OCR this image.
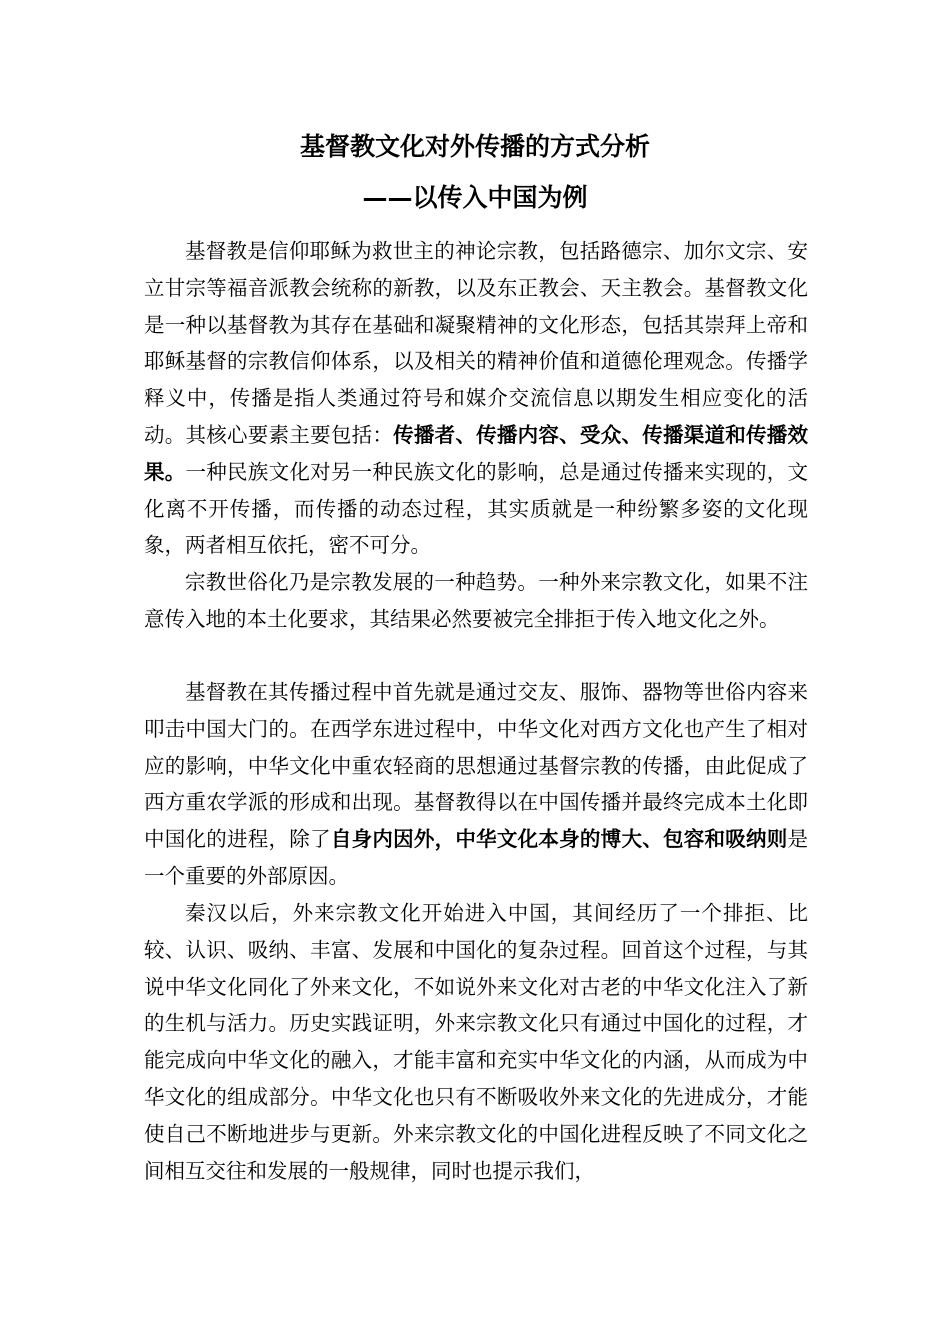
基督教文化对外传播的方式分析
——以传入中国为例

基督教是信仰耶稣为救世主的神论宗教，包括路德宗、加尔文宗、安立甘宗等福音派教会统称的新教，以及东正教会、天主教会。基督教文化是一种以基督教为其存在基础和凝聚精神的文化形态，包括其崇拜上帝和耶稣基督的宗教信仰体系，以及相关的精神价值和道德伦理观念。传播学释义中，传播是指人类通过符号和媒介交流信息以期发生相应变化的活动。其核心要素主要包括：传播者、传播内容、受众、传播渠道和传播效果。一种民族文化对另一种民族文化的影响，总是通过传播来实现的，文化离不开传播，而传播的动态过程，其实质就是一种纷繁多姿的文化现象，两者相互依托，密不可分。

宗教世俗化乃是宗教发展的一种趋势。一种外来宗教文化，如果不注意传入地的本土化要求，其结果必然要被完全排拒于传入地文化之外。

基督教在其传播过程中首先就是通过交友、服饰、器物等世俗内容来叩击中国大门的。在西学东进过程中，中华文化对西方文化也产生了相对应的影响，中华文化中重农轻商的思想通过基督宗教的传播，由此促成了西方重农学派的形成和出现。基督教得以在中国传播并最终完成本土化即中国化的进程，除了自身内因外，中华文化本身的博大、包容和吸纳则是一个重要的外部原因。

秦汉以后，外来宗教文化开始进入中国，其间经历了一个排拒、比较、认识、吸纳、丰富、发展和中国化的复杂过程。回首这个过程，与其说中华文化同化了外来文化，不如说外来文化对古老的中华文化注入了新的生机与活力。历史实践证明，外来宗教文化只有通过中国化的过程，才能完成向中华文化的融入，才能丰富和充实中华文化的内涵，从而成为中华文化的组成部分。中华文化也只有不断吸收外来文化的先进成分，才能使自己不断地进步与更新。外来宗教文化的中国化进程反映了不同文化之间相互交往和发展的一般规律，同时也提示我们，
